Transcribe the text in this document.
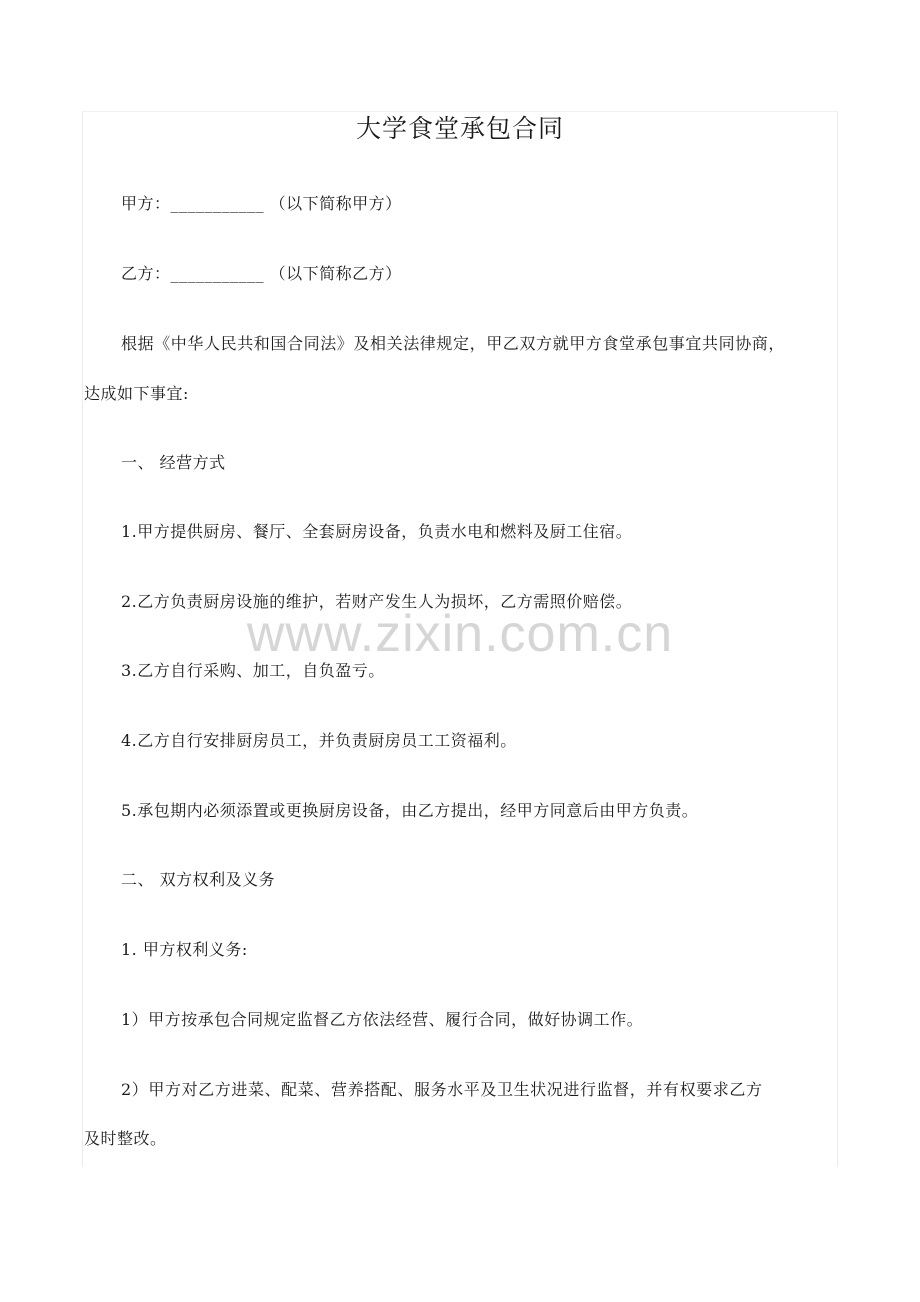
大学食堂承包合同
甲方：___________ （以下简称甲方）
乙方：___________ （以下简称乙方）
根据《中华人民共和国合同法》及相关法律规定，甲乙双方就甲方食堂承包事宜共同协商，
达成如下事宜:
一、 经营方式
1.甲方提供厨房、餐厅、全套厨房设备，负责水电和燃料及厨工住宿。
2.乙方负责厨房设施的维护，若财产发生人为损坏，乙方需照价赔偿。
3.乙方自行采购、加工，自负盈亏。
4.乙方自行安排厨房员工，并负责厨房员工工资福利。
5.承包期内必须添置或更换厨房设备，由乙方提出，经甲方同意后由甲方负责。
二、 双方权利及义务
1. 甲方权利义务:
1）甲方按承包合同规定监督乙方依法经营、履行合同，做好协调工作。
2）甲方对乙方进菜、配菜、营养搭配、服务水平及卫生状况进行监督，并有权要求乙方
及时整改。
www.zixin.com.cn
